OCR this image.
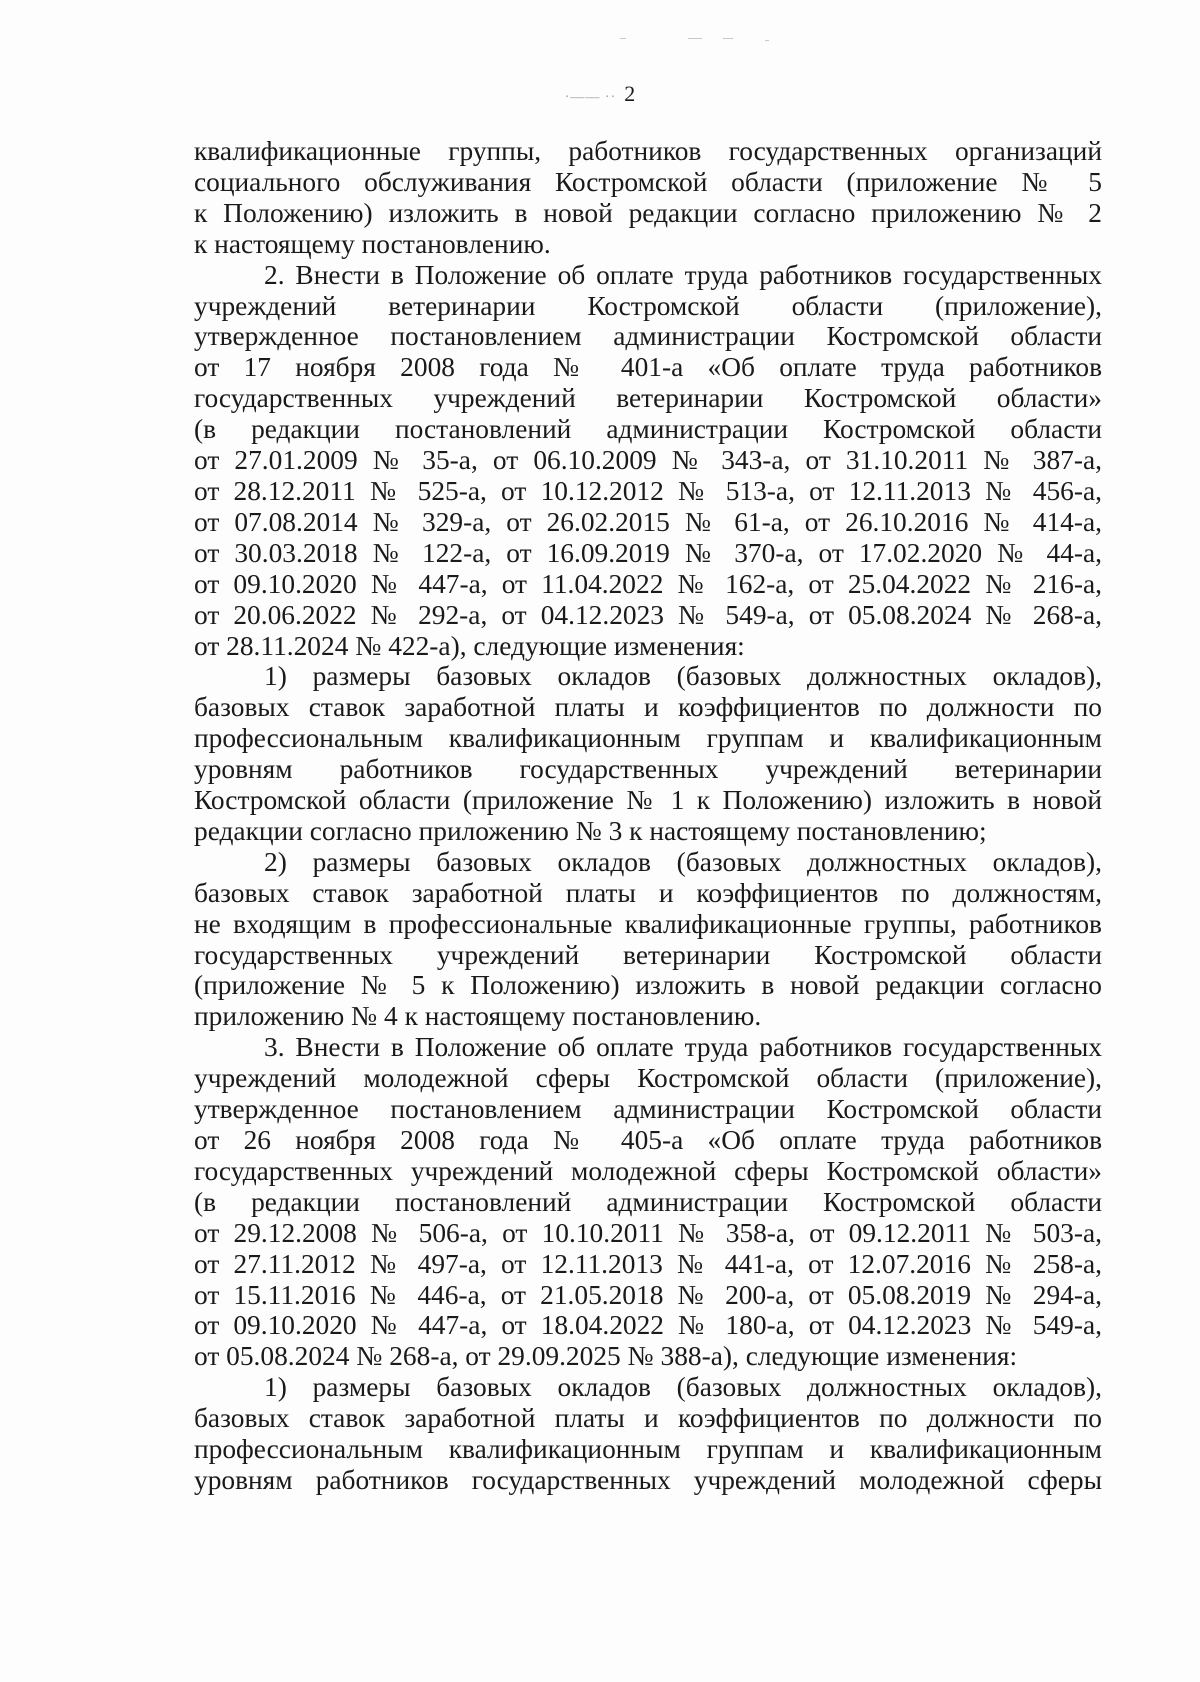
·—— ·· 2

квалификационные группы, работников государственных организаций

социального обслуживания Костромской области (приложение № 5

к Положению) изложить в новой редакции согласно приложению № 2

к настоящему постановлению.

2. Внести в Положение об оплате труда работников государственных

учреждений ветеринарии Костромской области (приложение),

утвержденное постановлением администрации Костромской области

от 17 ноября 2008 года № 401-а «Об оплате труда работников

государственных учреждений ветеринарии Костромской области»

(в редакции постановлений администрации Костромской области

от 27.01.2009 № 35-а, от 06.10.2009 № 343-а, от 31.10.2011 № 387-а,

от 28.12.2011 № 525-а, от 10.12.2012 № 513-а, от 12.11.2013 № 456-а,

от 07.08.2014 № 329-а, от 26.02.2015 № 61-а, от 26.10.2016 № 414-а,

от 30.03.2018 № 122-а, от 16.09.2019 № 370-а, от 17.02.2020 № 44-а,

от 09.10.2020 № 447-а, от 11.04.2022 № 162-а, от 25.04.2022 № 216-а,

от 20.06.2022 № 292-а, от 04.12.2023 № 549-а, от 05.08.2024 № 268-а,

от 28.11.2024 № 422-а), следующие изменения:

1) размеры базовых окладов (базовых должностных окладов),

базовых ставок заработной платы и коэффициентов по должности по

профессиональным квалификационным группам и квалификационным

уровням работников государственных учреждений ветеринарии

Костромской области (приложение № 1 к Положению) изложить в новой

редакции согласно приложению № 3 к настоящему постановлению;

2) размеры базовых окладов (базовых должностных окладов),

базовых ставок заработной платы и коэффициентов по должностям,

не входящим в профессиональные квалификационные группы, работников

государственных учреждений ветеринарии Костромской области

(приложение № 5 к Положению) изложить в новой редакции согласно

приложению № 4 к настоящему постановлению.

3. Внести в Положение об оплате труда работников государственных

учреждений молодежной сферы Костромской области (приложение),

утвержденное постановлением администрации Костромской области

от 26 ноября 2008 года № 405-а «Об оплате труда работников

государственных учреждений молодежной сферы Костромской области»

(в редакции постановлений администрации Костромской области

от 29.12.2008 № 506-а, от 10.10.2011 № 358-а, от 09.12.2011 № 503-а,

от 27.11.2012 № 497-а, от 12.11.2013 № 441-а, от 12.07.2016 № 258-а,

от 15.11.2016 № 446-а, от 21.05.2018 № 200-а, от 05.08.2019 № 294-а,

от 09.10.2020 № 447-а, от 18.04.2022 № 180-а, от 04.12.2023 № 549-а,

от 05.08.2024 № 268-а, от 29.09.2025 № 388-а), следующие изменения:

1) размеры базовых окладов (базовых должностных окладов),

базовых ставок заработной платы и коэффициентов по должности по

профессиональным квалификационным группам и квалификационным

уровням работников государственных учреждений молодежной сферы
